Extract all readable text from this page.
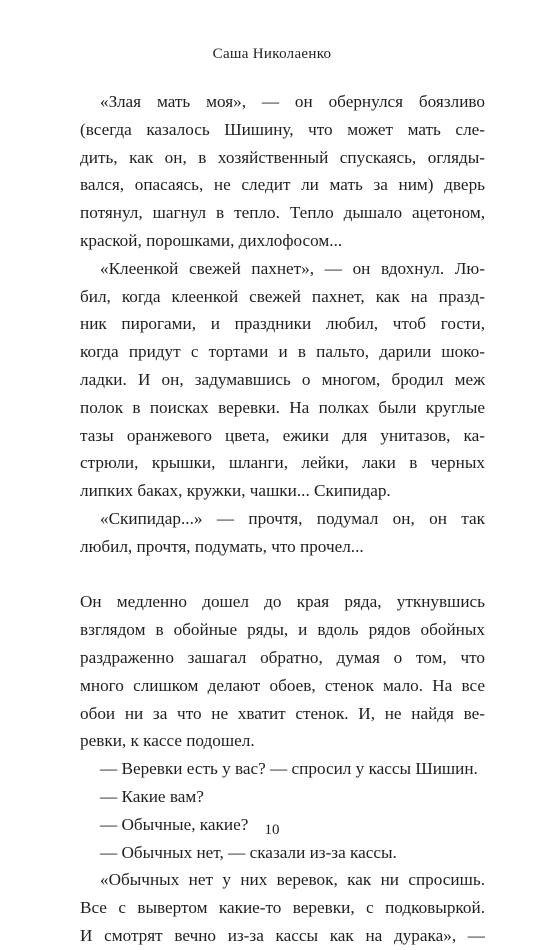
Саша Николаенко
«Злая мать моя», — он обернулся боязливо
(всегда казалось Шишину, что может мать сле-
дить, как он, в хозяйственный спускаясь, огляды-
вался, опасаясь, не следит ли мать за ним) дверь
потянул, шагнул в тепло. Тепло дышало ацетоном,
краской, порошками, дихлофосом...
«Клеенкой свежей пахнет», — он вдохнул. Лю-
бил, когда клеенкой свежей пахнет, как на празд-
ник пирогами, и праздники любил, чтоб гости,
когда придут с тортами и в пальто, дарили шоко-
ладки. И он, задумавшись о многом, бродил меж
полок в поисках веревки. На полках были круглые
тазы оранжевого цвета, ежики для унитазов, ка-
стрюли, крышки, шланги, лейки, лаки в черных
липких баках, кружки, чашки... Скипидар.
«Скипидар...» — прочтя, подумал он, он так
любил, прочтя, подумать, что прочел...
Он медленно дошел до края ряда, уткнувшись
взглядом в обойные ряды, и вдоль рядов обойных
раздраженно зашагал обратно, думая о том, что
много слишком делают обоев, стенок мало. На все
обои ни за что не хватит стенок. И, не найдя ве-
ревки, к кассе подошел.
— Веревки есть у вас? — спросил у кассы Шишин.
— Какие вам?
— Обычные, какие?
— Обычных нет, — сказали из-за кассы.
«Обычных нет у них веревок, как ни спросишь.
Все с вывертом какие-то веревки, с подковыркой.
И смотрят вечно из-за кассы как на дурака», —
10
